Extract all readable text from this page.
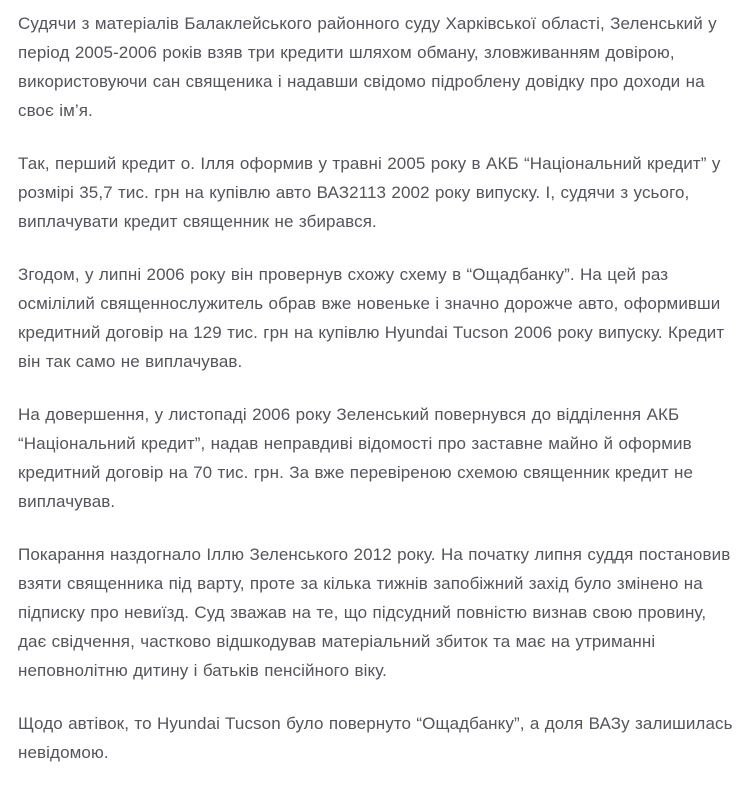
Судячи з матеріалів Балаклейського районного суду Харківської області, Зеленський у період 2005-2006 років взяв три кредити шляхом обману, зловживанням довірою, використовуючи сан священика і надавши свідомо підроблену довідку про доходи на своє ім’я.

Так, перший кредит о. Ілля оформив у травні 2005 року в АКБ “Національний кредит” у розмірі 35,7 тис. грн на купівлю авто ВАЗ2113 2002 року випуску. І, судячи з усього, виплачувати кредит священник не збирався.

Згодом, у липні 2006 року він провернув схожу схему в “Ощадбанку”. На цей раз осмілілий священнослужитель обрав вже новеньке і значно дорожче авто, оформивши кредитний договір на 129 тис. грн на купівлю Hyundai Tucson 2006 року випуску. Кредит він так само не виплачував.

На довершення, у листопаді 2006 року Зеленський повернувся до відділення АКБ “Національний кредит”, надав неправдиві відомості про заставне майно й оформив кредитний договір на 70 тис. грн. За вже перевіреною схемою священник кредит не виплачував.

Покарання наздогнало Іллю Зеленського 2012 року. На початку липня суддя постановив взяти священника під варту, проте за кілька тижнів запобіжний захід було змінено на підписку про невиїзд. Суд зважав на те, що підсудний повністю визнав свою провину, дає свідчення, частково відшкодував матеріальний збиток та має на утриманні неповнолітню дитину і батьків пенсійного віку.

Щодо автівок, то Hyundai Tucson було повернуто “Ощадбанку”, а доля ВАЗу залишилась невідомою.
